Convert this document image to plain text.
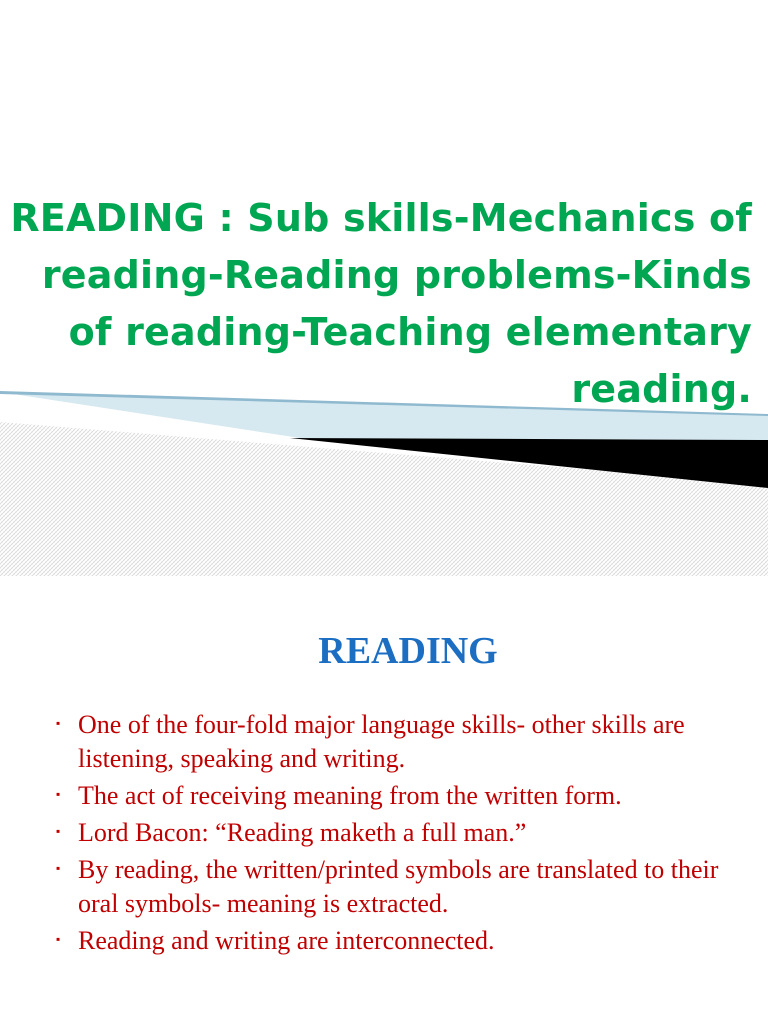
READING : Sub skills-Mechanics of reading-Reading problems-Kinds of reading-Teaching elementary reading.
READING
▪ One of the four-fold major language skills- other skills are listening, speaking and writing.
▪ The act of receiving meaning from the written form.
▪ Lord Bacon: “Reading maketh a full man.”
▪ By reading, the written/printed symbols are translated to their oral symbols- meaning is extracted.
▪ Reading and writing are interconnected.
